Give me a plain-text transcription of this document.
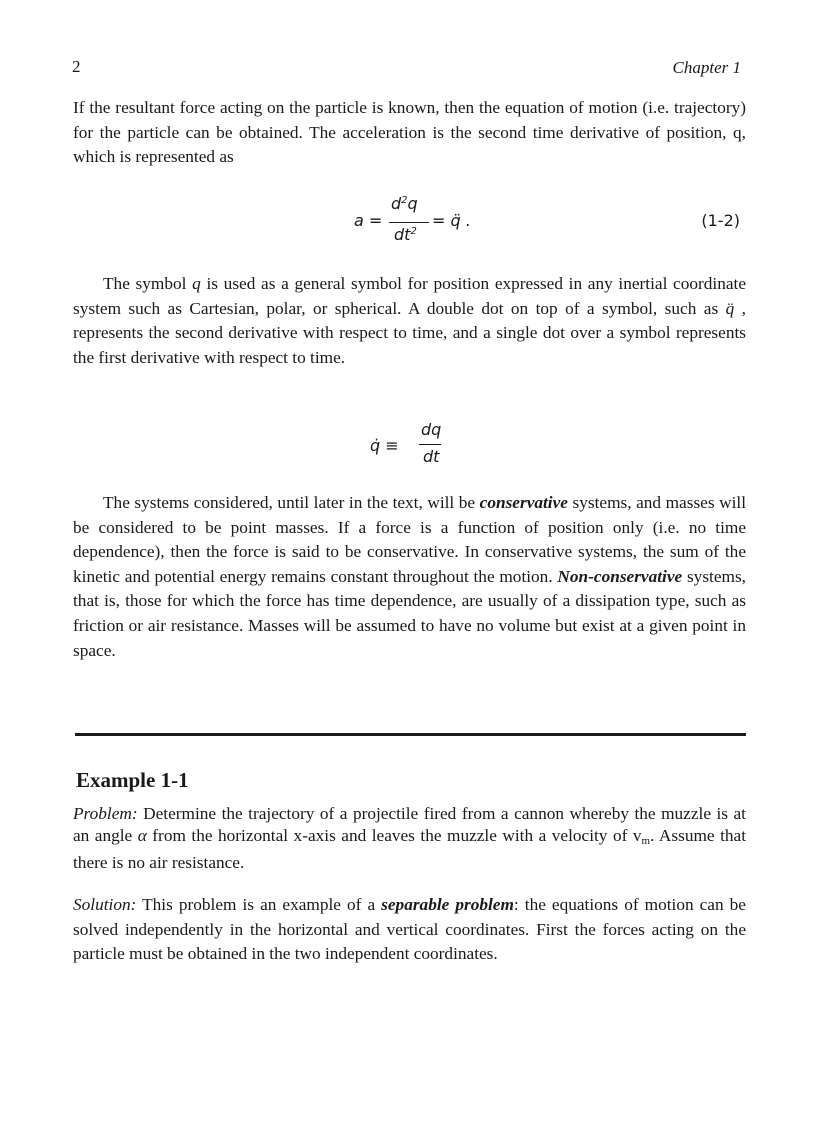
2	Chapter 1

If the resultant force acting on the particle is known, then the equation of motion (i.e. trajectory) for the particle can be obtained. The acceleration is the second time derivative of position, q, which is represented as

a =
$d^2q$
$dt^2$
= q̈ .	(1-2)

The symbol q is used as a general symbol for position expressed in any inertial coordinate system such as Cartesian, polar, or spherical. A double dot on top of a symbol, such as q̈ , represents the second derivative with respect to time, and a single dot over a symbol represents the first derivative with respect to time.

q̇ ≡
dq
dt

The systems considered, until later in the text, will be conservative systems, and masses will be considered to be point masses. If a force is a function of position only (i.e. no time dependence), then the force is said to be conservative. In conservative systems, the sum of the kinetic and potential energy remains constant throughout the motion. Non-conservative systems, that is, those for which the force has time dependence, are usually of a dissipation type, such as friction or air resistance. Masses will be assumed to have no volume but exist at a given point in space.

Example 1-1

Problem: Determine the trajectory of a projectile fired from a cannon whereby the muzzle is at an angle α from the horizontal x-axis and leaves the muzzle with a velocity of vm. Assume that there is no air resistance.

Solution: This problem is an example of a separable problem: the equations of motion can be solved independently in the horizontal and vertical coordinates. First the forces acting on the particle must be obtained in the two independent coordinates.
